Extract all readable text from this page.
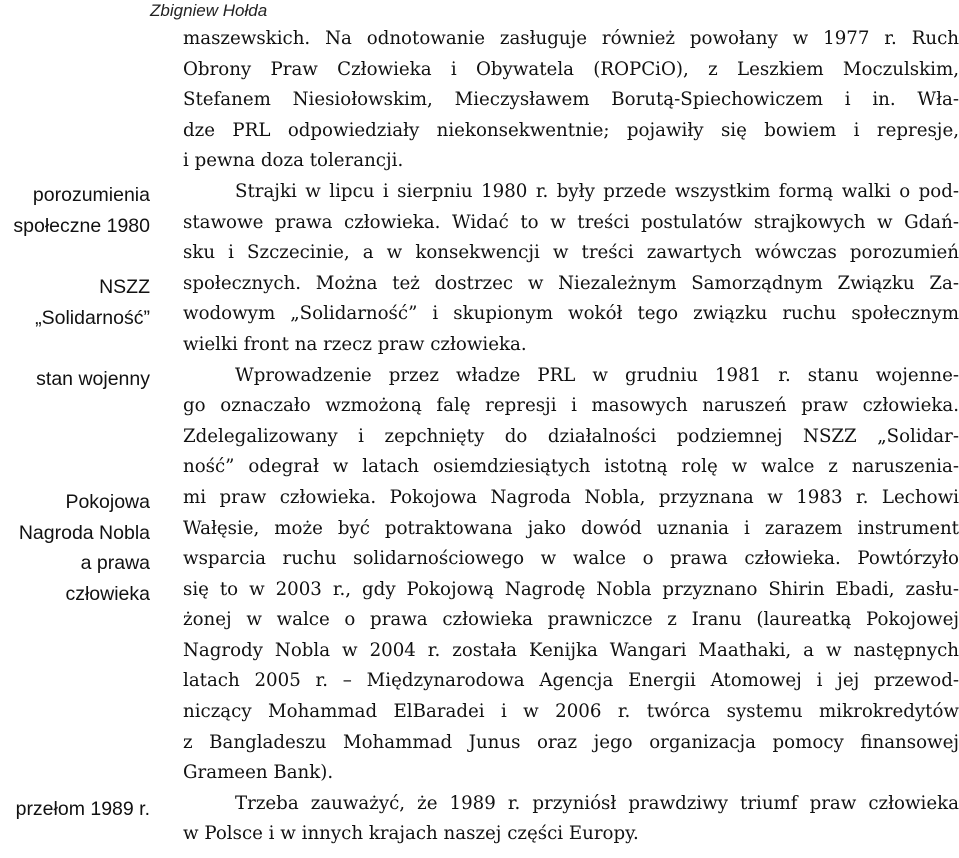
Zbigniew Hołda
porozumienia
społeczne 1980
NSZZ
„Solidarność”
stan wojenny
Pokojowa
Nagroda Nobla
a prawa
człowieka
przełom 1989 r.
maszewskich. Na odnotowanie zasługuje również powołany w 1977 r. Ruch
Obrony Praw Człowieka i Obywatela (ROPCiO), z Leszkiem Moczulskim,
Stefanem Niesiołowskim, Mieczysławem Borutą-Spiechowiczem i in. Wła-
dze PRL odpowiedziały niekonsekwentnie; pojawiły się bowiem i represje,
i pewna doza tolerancji.
Strajki w lipcu i sierpniu 1980 r. były przede wszystkim formą walki o pod-
stawowe prawa człowieka. Widać to w treści postulatów strajkowych w Gdań-
sku i Szczecinie, a w konsekwencji w treści zawartych wówczas porozumień
społecznych. Można też dostrzec w Niezależnym Samorządnym Związku Za-
wodowym „Solidarność” i skupionym wokół tego związku ruchu społecznym
wielki front na rzecz praw człowieka.
Wprowadzenie przez władze PRL w grudniu 1981 r. stanu wojenne-
go oznaczało wzmożoną falę represji i masowych naruszeń praw człowieka.
Zdelegalizowany i zepchnięty do działalności podziemnej NSZZ „Solidar-
ność” odegrał w latach osiemdziesiątych istotną rolę w walce z naruszenia-
mi praw człowieka. Pokojowa Nagroda Nobla, przyznana w 1983 r. Lechowi
Wałęsie, może być potraktowana jako dowód uznania i zarazem instrument
wsparcia ruchu solidarnościowego w walce o prawa człowieka. Powtórzyło
się to w 2003 r., gdy Pokojową Nagrodę Nobla przyznano Shirin Ebadi, zasłu-
żonej w walce o prawa człowieka prawniczce z Iranu (laureatką Pokojowej
Nagrody Nobla w 2004 r. została Kenijka Wangari Maathaki, a w następnych
latach 2005 r. – Międzynarodowa Agencja Energii Atomowej i jej przewod-
niczący Mohammad ElBaradei i w 2006 r. twórca systemu mikrokredytów
z Bangladeszu Mohammad Junus oraz jego organizacja pomocy finansowej
Grameen Bank).
Trzeba zauważyć, że 1989 r. przyniósł prawdziwy triumf praw człowieka
w Polsce i w innych krajach naszej części Europy.
